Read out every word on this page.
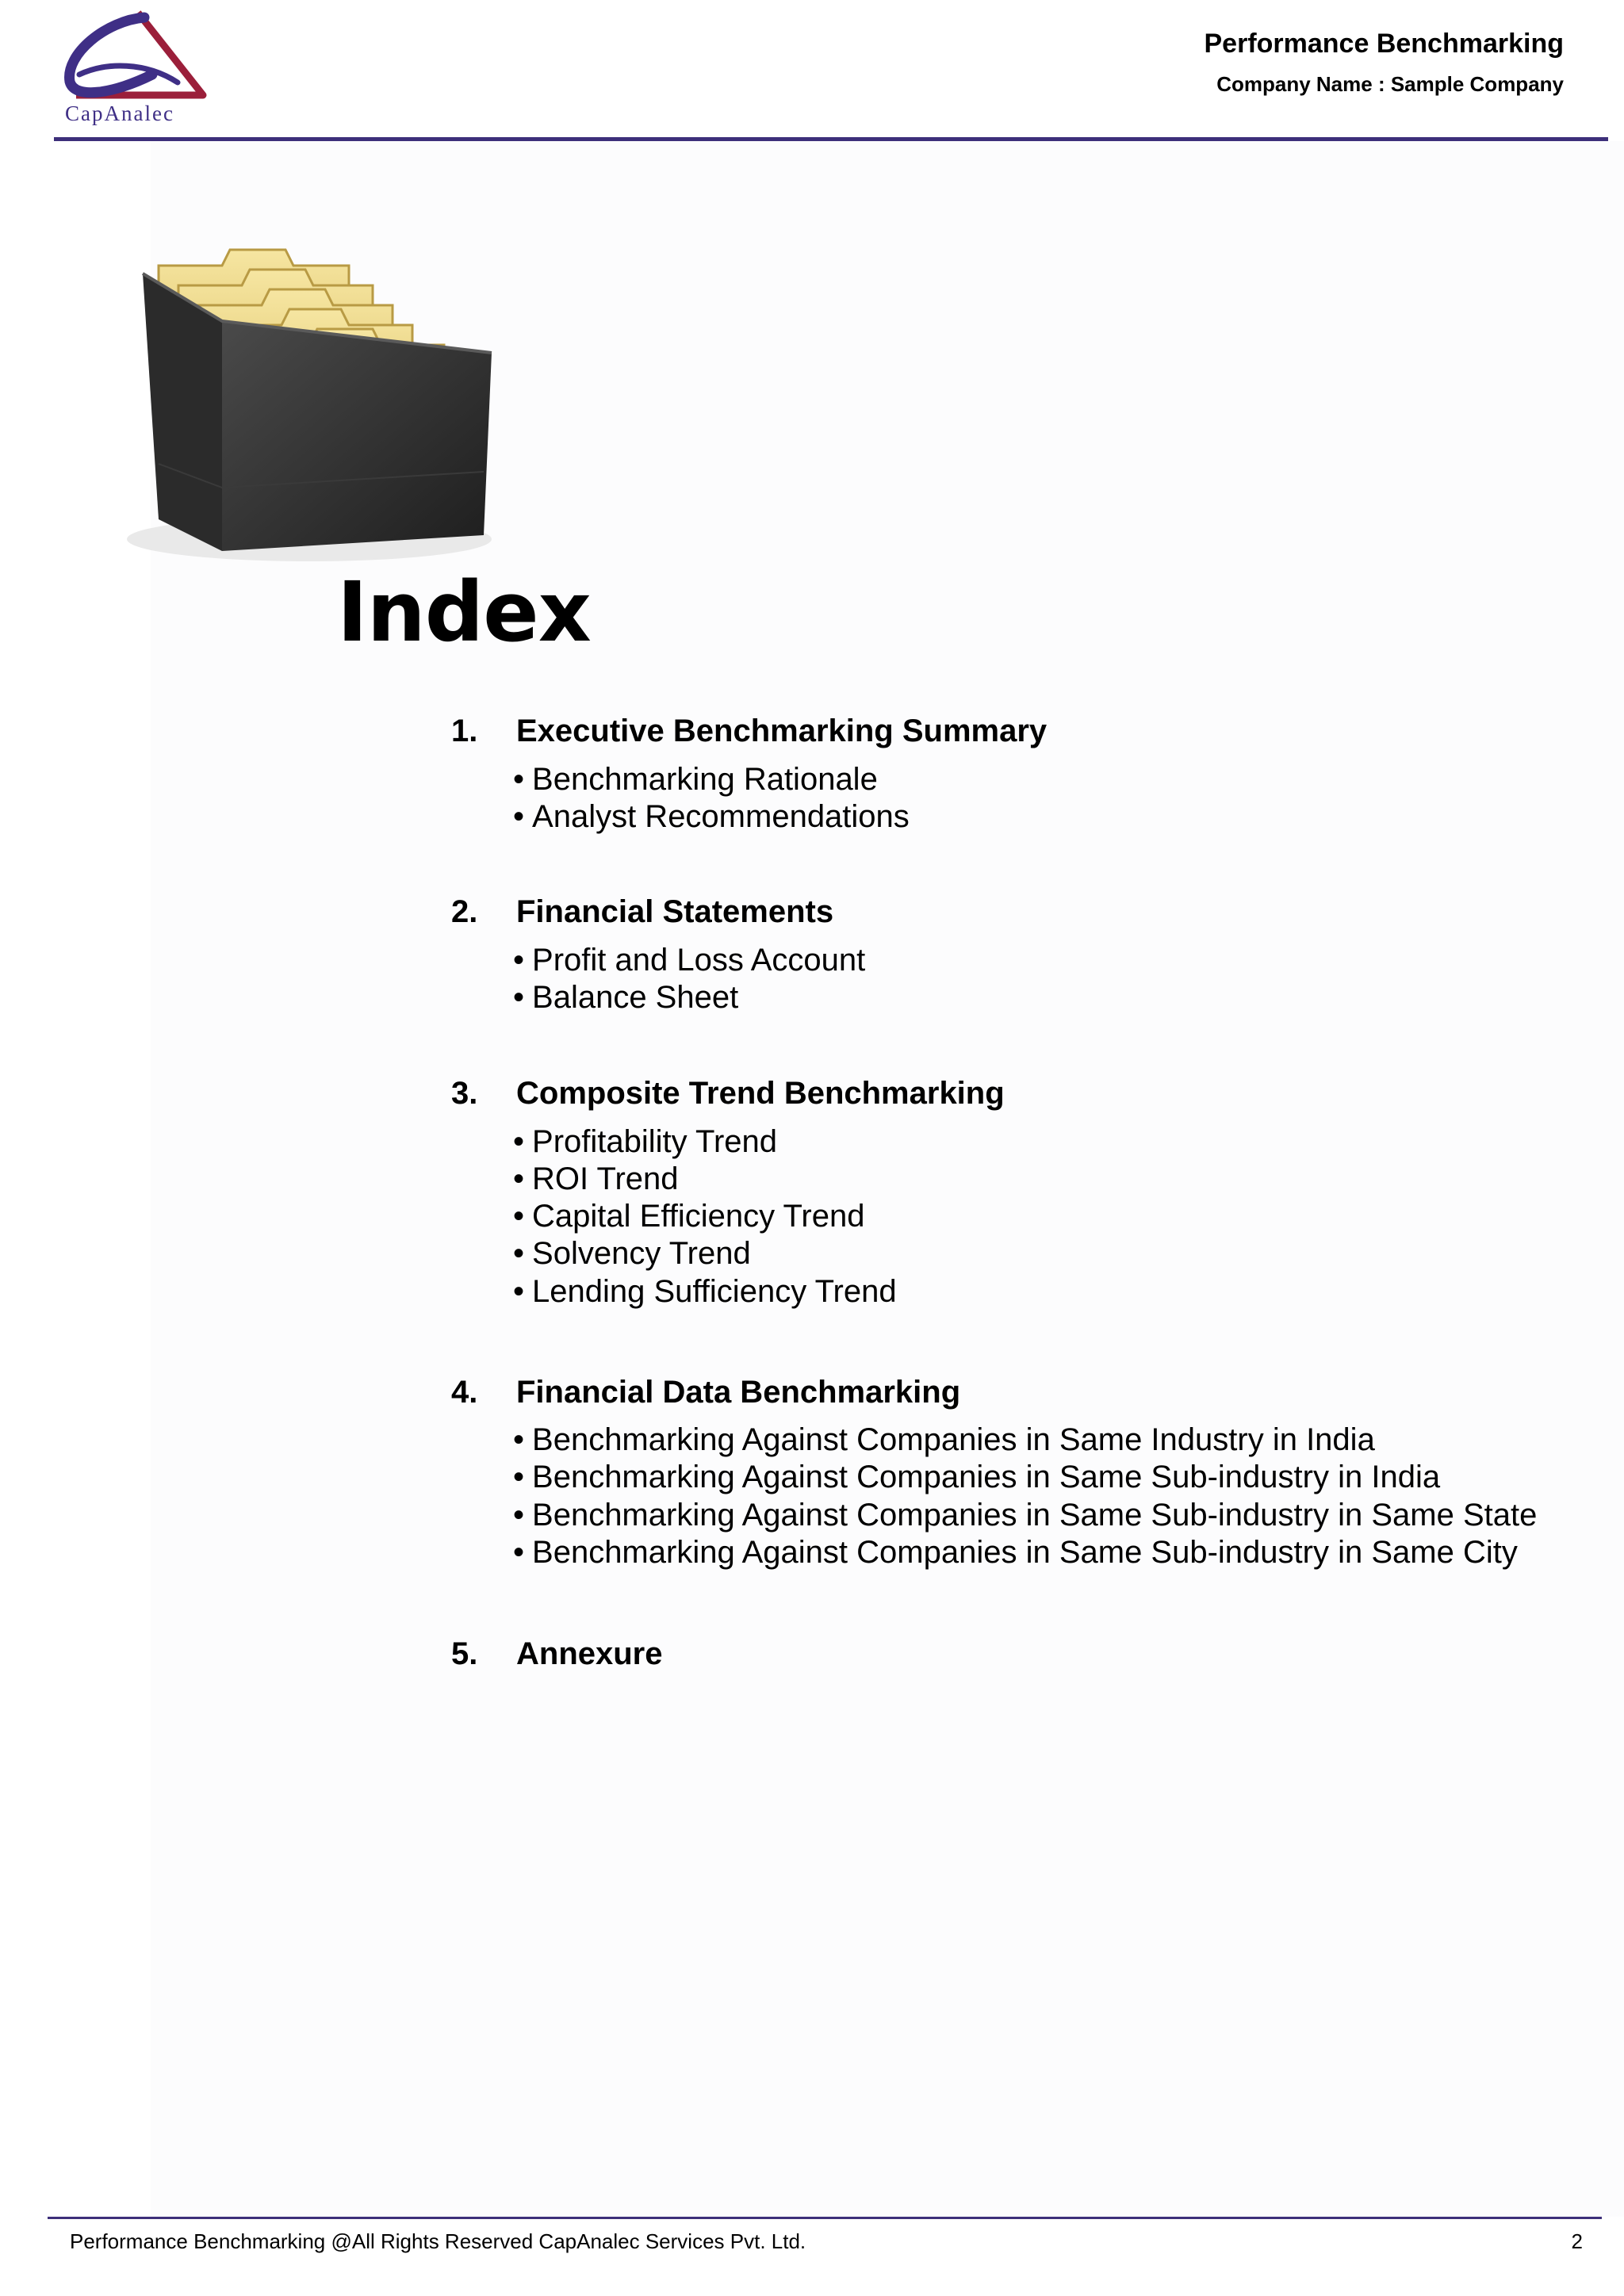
CapAnalec
Performance Benchmarking
Company Name : Sample Company
Index
1. Executive Benchmarking Summary
• Benchmarking Rationale
• Analyst Recommendations
2. Financial Statements
• Profit and Loss Account
• Balance Sheet
3. Composite Trend Benchmarking
• Profitability Trend
• ROI Trend
• Capital Efficiency Trend
• Solvency Trend
• Lending Sufficiency Trend
4. Financial Data Benchmarking
• Benchmarking Against Companies in Same Industry in India
• Benchmarking Against Companies in Same Sub-industry in India
• Benchmarking Against Companies in Same Sub-industry in Same State
• Benchmarking Against Companies in Same Sub-industry in Same City
5. Annexure
Performance Benchmarking @All Rights Reserved CapAnalec Services Pvt. Ltd.	2
